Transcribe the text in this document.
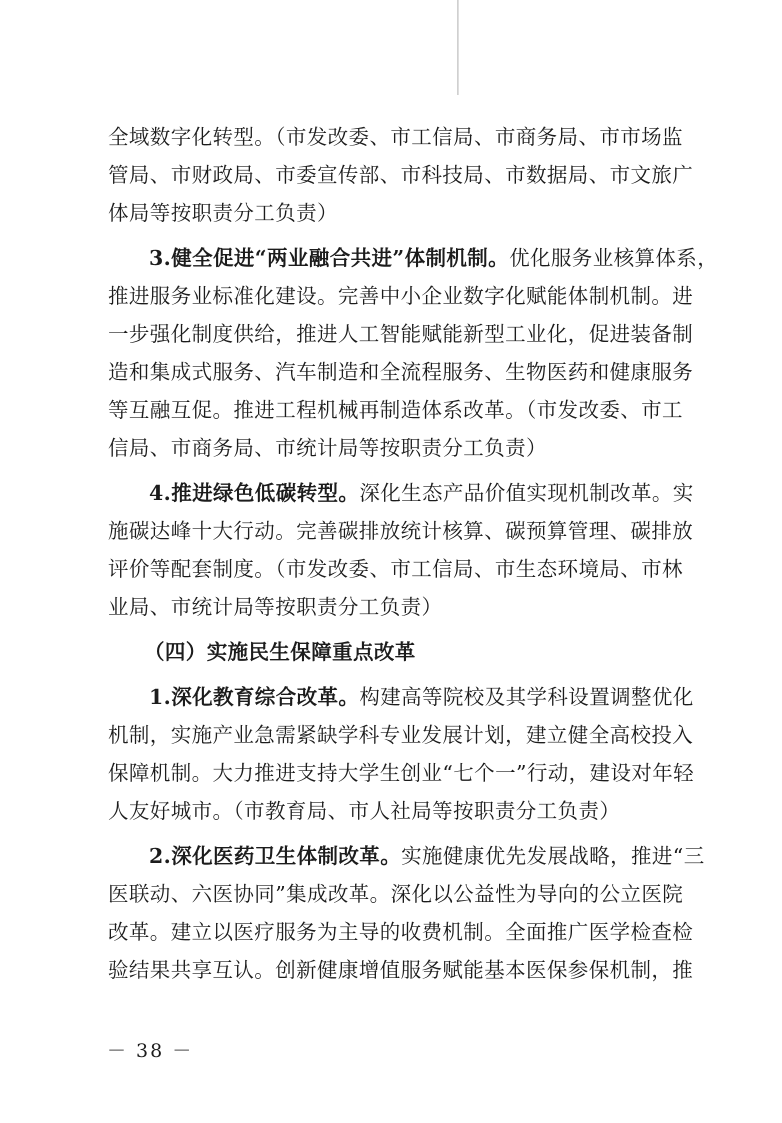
全域数字化转型。（市发改委、市工信局、市商务局、市市场监
管局、市财政局、市委宣传部、市科技局、市数据局、市文旅广
体局等按职责分工负责）
3.健全促进“两业融合共进”体制机制。优化服务业核算体系，
推进服务业标准化建设。完善中小企业数字化赋能体制机制。进
一步强化制度供给，推进人工智能赋能新型工业化，促进装备制
造和集成式服务、汽车制造和全流程服务、生物医药和健康服务
等互融互促。推进工程机械再制造体系改革。（市发改委、市工
信局、市商务局、市统计局等按职责分工负责）
4.推进绿色低碳转型。深化生态产品价值实现机制改革。实
施碳达峰十大行动。完善碳排放统计核算、碳预算管理、碳排放
评价等配套制度。（市发改委、市工信局、市生态环境局、市林
业局、市统计局等按职责分工负责）
（四）实施民生保障重点改革
1.深化教育综合改革。构建高等院校及其学科设置调整优化
机制，实施产业急需紧缺学科专业发展计划，建立健全高校投入
保障机制。大力推进支持大学生创业“七个一”行动，建设对年轻
人友好城市。（市教育局、市人社局等按职责分工负责）
2.深化医药卫生体制改革。实施健康优先发展战略，推进“三
医联动、六医协同”集成改革。深化以公益性为导向的公立医院
改革。建立以医疗服务为主导的收费机制。全面推广医学检查检
验结果共享互认。创新健康增值服务赋能基本医保参保机制，推
－ 38 －
